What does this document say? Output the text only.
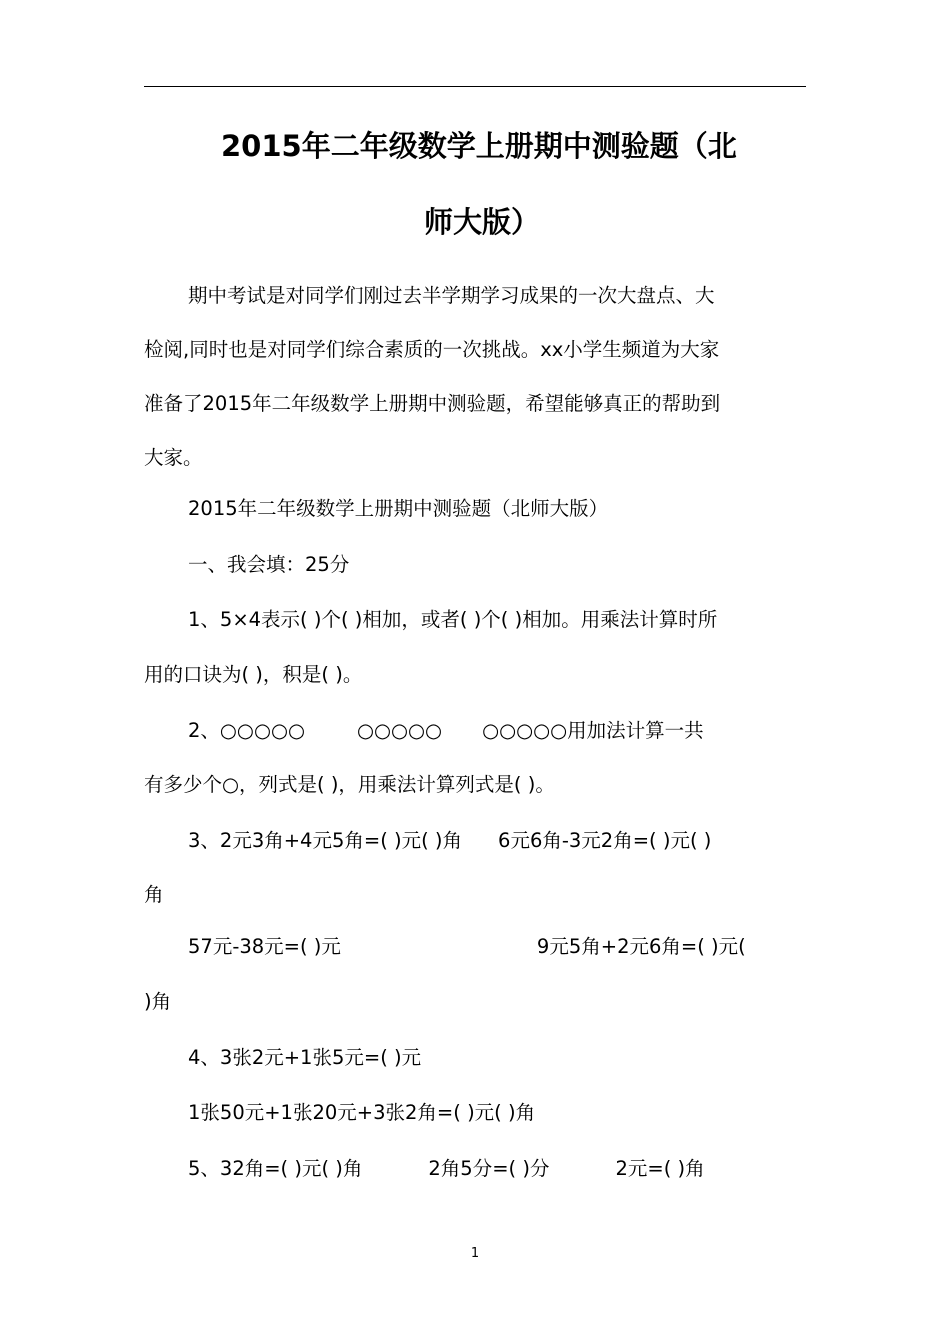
2015年二年级数学上册期中测验题（北
师大版）
期中考试是对同学们刚过去半学期学习成果的一次大盘点、大
检阅,同时也是对同学们综合素质的一次挑战。xx小学生频道为大家
准备了2015年二年级数学上册期中测验题，希望能够真正的帮助到
大家。
2015年二年级数学上册期中测验题（北师大版）
一、我会填：25分
1、5×4表示( )个( )相加，或者( )个( )相加。用乘法计算时所
用的口诀为( )，积是( )。
2、○○○○○	○○○○○ ○○○○○用加法计算一共
有多少个○，列式是( )，用乘法计算列式是( )。
3、2元3角+4元5角=( )元( )角 6元6角-3元2角=( )元( )
角
57元-38元=( )元	9元5角+2元6角=( )元(
)角
4、3张2元+1张5元=( )元
1张50元+1张20元+3张2角=( )元( )角
5、32角=( )元( )角	2角5分=( )分	2元=( )角
1
